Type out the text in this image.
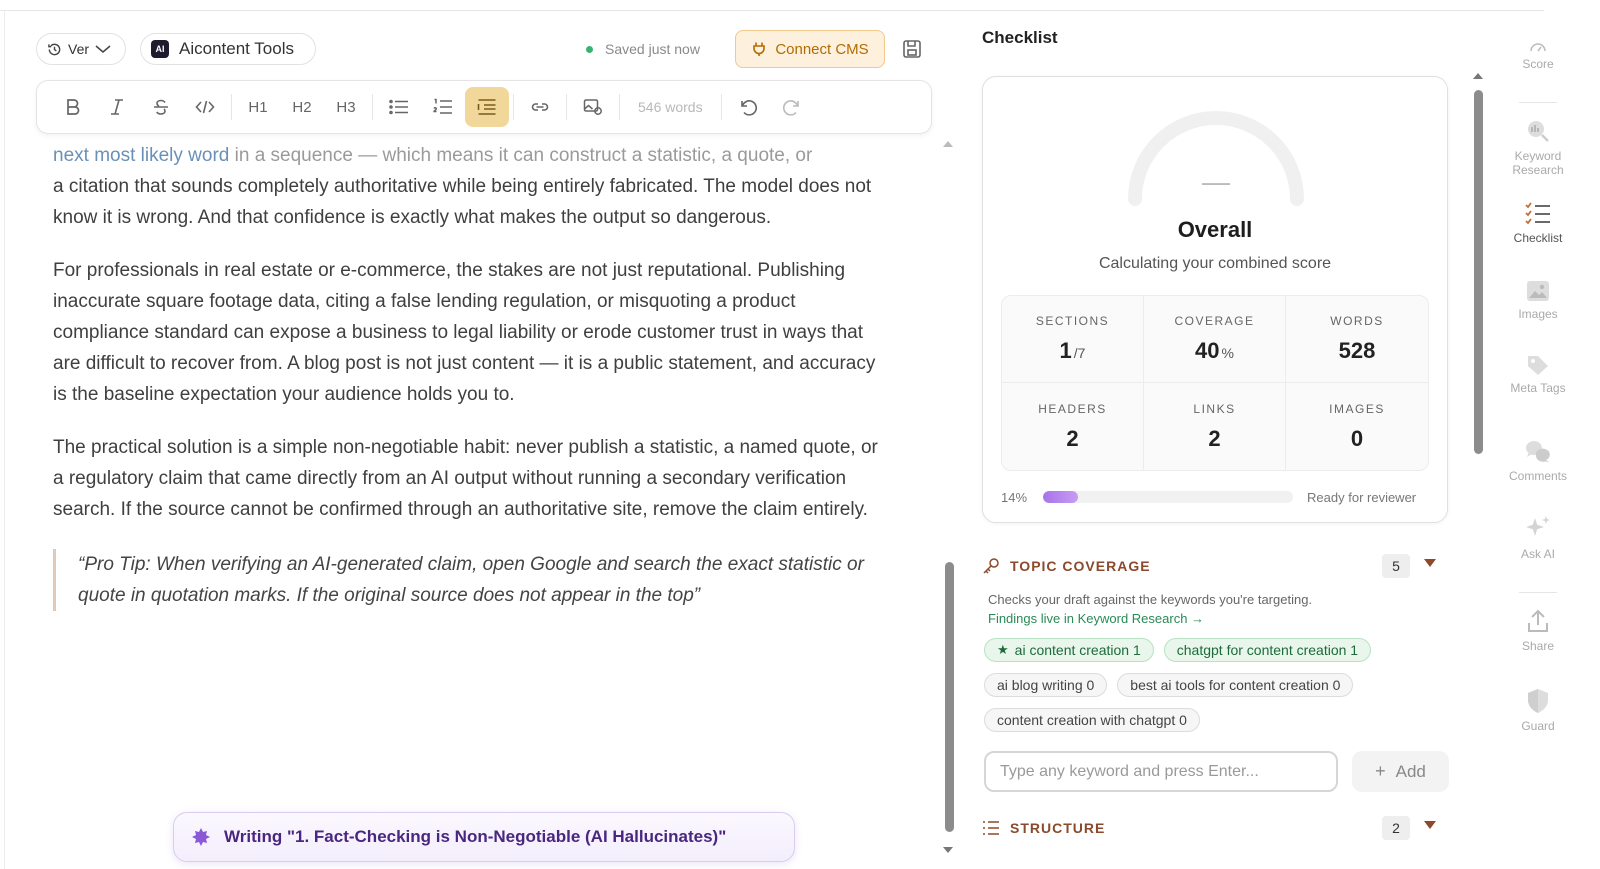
Ver	AI Aicontent Tools	Saved just now	Connect CMS
H1	H2	H3	546 words

next most likely word in a sequence — which means it can construct a statistic, a quote, or
a citation that sounds completely authoritative while being entirely fabricated. The model does not know it is wrong. And that confidence is exactly what makes the output so dangerous.

For professionals in real estate or e-commerce, the stakes are not just reputational. Publishing inaccurate square footage data, citing a false lending regulation, or misquoting a product compliance standard can expose a business to legal liability or erode customer trust in ways that are difficult to recover from. A blog post is not just content — it is a public statement, and accuracy is the baseline expectation your audience holds you to.

The practical solution is a simple non-negotiable habit: never publish a statistic, a named quote, or a regulatory claim that came directly from an AI output without running a secondary verification search. If the source cannot be confirmed through an authoritative site, remove the claim entirely.

“Pro Tip: When verifying an AI-generated claim, open Google and search the exact statistic or quote in quotation marks. If the original source does not appear in the top”
Writing "1. Fact-Checking is Non-Negotiable (AI Hallucinates)"
Checklist
—
Overall
Calculating your combined score
SECTIONS
1 /7
COVERAGE
40 %
WORDS
528
HEADERS
2
LINKS
2
IMAGES
0
14%	Ready for reviewer
TOPIC COVERAGE	5
Checks your draft against the keywords you're targeting.
Findings live in Keyword Research →
★ ai content creation 1	chatgpt for content creation 1
ai blog writing 0	best ai tools for content creation 0
content creation with chatgpt 0
Type any keyword and press Enter...
+ Add
STRUCTURE	2
Score
Keyword
Research
Checklist
Images
Meta Tags
Comments
Ask AI
Share
Guard
